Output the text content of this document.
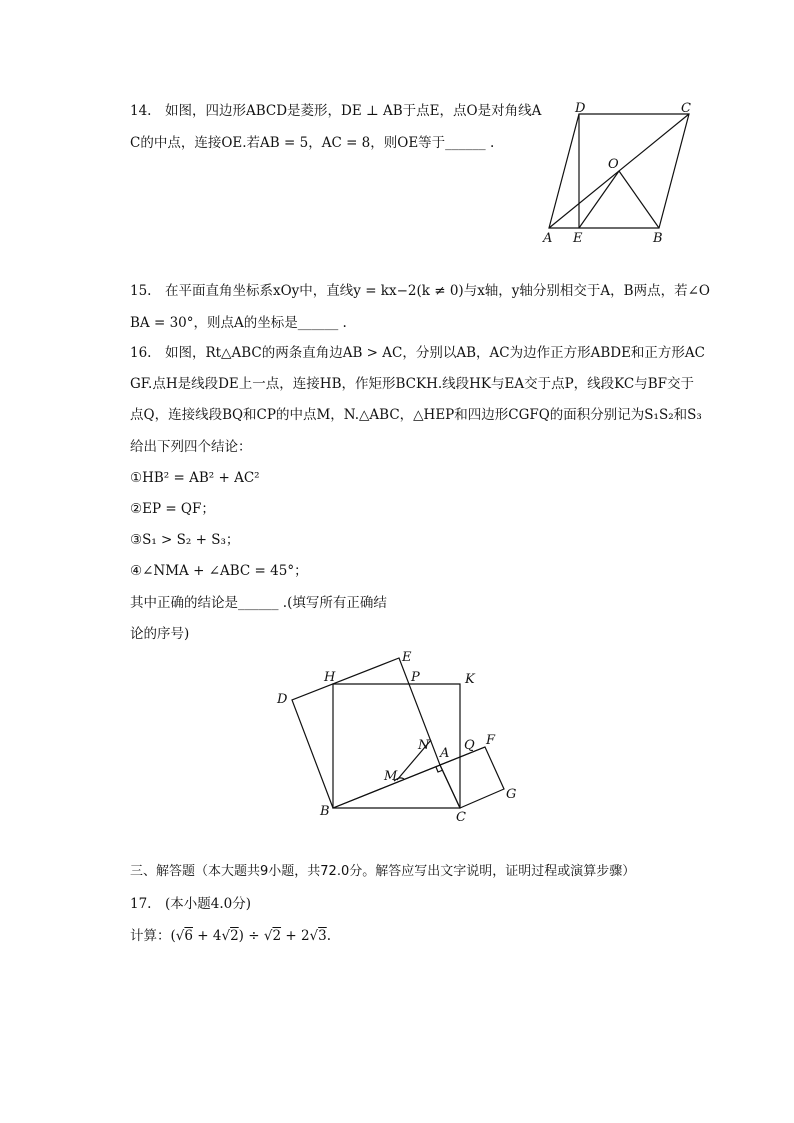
14.　如图，四边形ABCD是菱形，DE ⊥ AB于点E，点O是对角线A
C的中点，连接OE.若AB = 5，AC = 8，则OE等于______ .
D	C
O
A E	B
15.　在平面直角坐标系xOy中，直线y = kx−2(k ≠ 0)与x轴，y轴分别相交于A，B两点，若∠O
BA = 30°，则点A的坐标是______ .
16.　如图，Rt△ABC的两条直角边AB > AC，分别以AB，AC为边作正方形ABDE和正方形AC
GF.点H是线段DE上一点，连接HB，作矩形BCKH.线段HK与EA交于点P，线段KC与BF交于
点Q，连接线段BQ和CP的中点M，N.△ABC，△HEP和四边形CGFQ的面积分别记为S₁S₂和S₃
给出下列四个结论：
①HB² = AB² + AC²
②EP = QF；
③S₁ > S₂ + S₃；
④∠NMA + ∠ABC = 45°；
其中正确的结论是______ .(填写所有正确结
论的序号)
H
E
P	K
D
N
A
Q F
M
G
B	C
三、解答题（本大题共9小题，共72.0分。解答应写出文字说明，证明过程或演算步骤）
17.　(本小题4.0分)
计算：(√6 + 4√2) ÷ √2 + 2√3.
